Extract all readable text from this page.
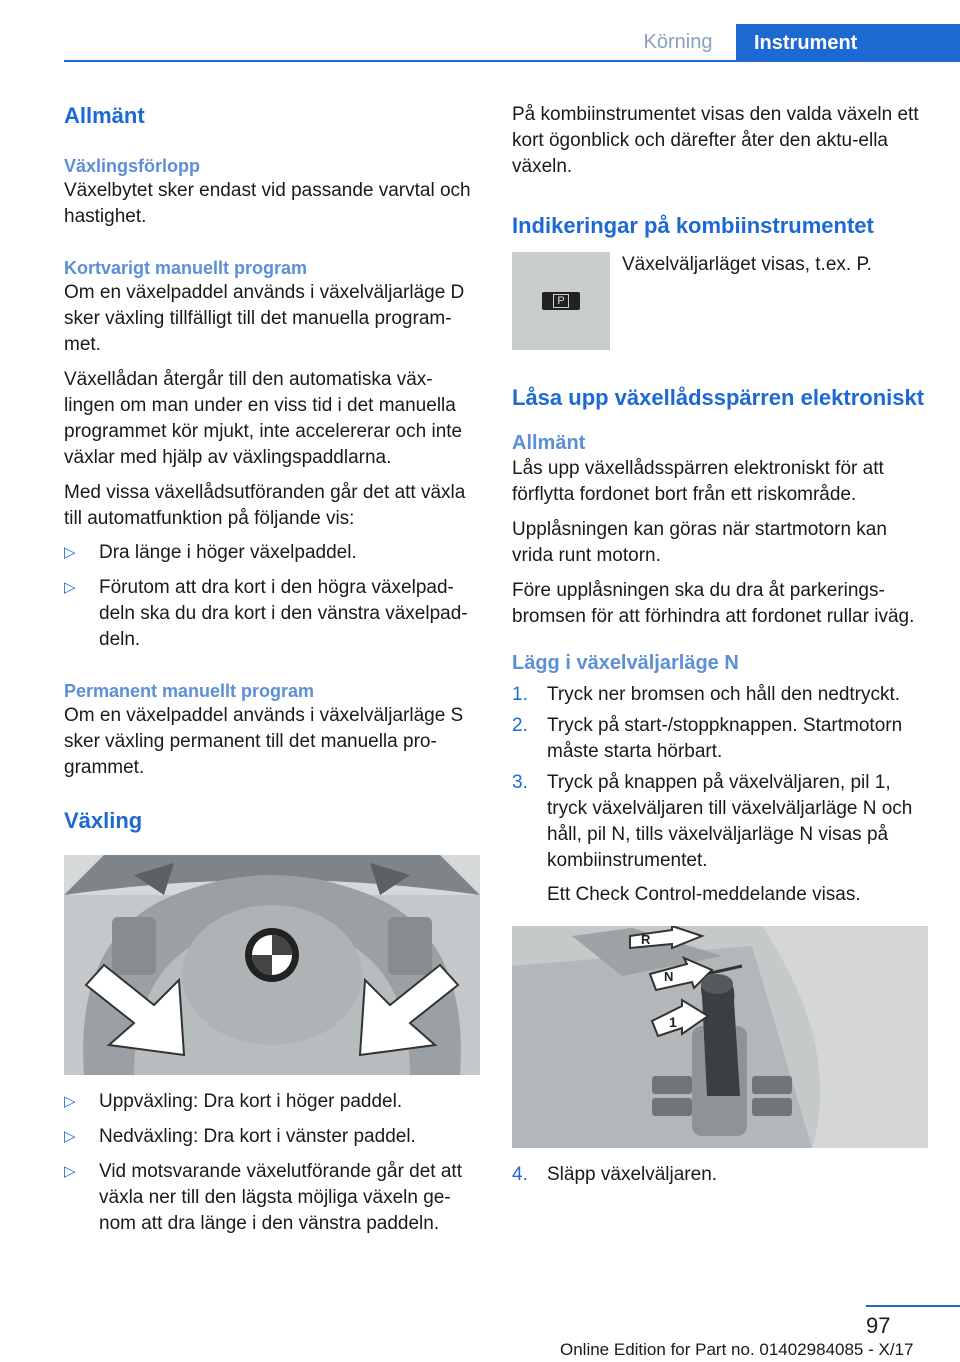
Körning	Instrument
Allmänt
Växlingsförlopp

Växelbytet sker endast vid passande varvtal och hastighet.

Kortvarigt manuellt program

Om en växelpaddel används i växelväljarläge D sker växling tillfälligt till det manuella program-met.

Växellådan återgår till den automatiska väx-lingen om man under en viss tid i det manuella programmet kör mjukt, inte accelererar och inte växlar med hjälp av växlingspaddlarna.

Med vissa växellådsutföranden går det att växla till automatfunktion på följande vis:

▷ Dra länge i höger växelpaddel.
▷ Förutom att dra kort i den högra växelpad-deln ska du dra kort i den vänstra växelpad-deln.
Permanent manuellt program

Om en växelpaddel används i växelväljarläge S sker växling permanent till det manuella pro-grammet.

Växling
▷ Uppväxling: Dra kort i höger paddel.
▷ Nedväxling: Dra kort i vänster paddel.
▷ Vid motsvarande växelutförande går det att växla ner till den lägsta möjliga växeln ge-nom att dra länge i den vänstra paddeln.

På kombiinstrumentet visas den valda växeln ett kort ögonblick och därefter åter den aktu-ella växeln.

Indikeringar på kombiinstrumentet
P

Växelväljarläget visas, t.ex. P.

Låsa upp växellådsspärren elektroniskt
Allmänt

Lås upp växellådsspärren elektroniskt för att förflytta fordonet bort från ett riskområde.

Upplåsningen kan göras när startmotorn kan vrida runt motorn.

Före upplåsningen ska du dra åt parkerings-bromsen för att förhindra att fordonet rullar iväg.

Lägg i växelväljarläge N
1. Tryck ner bromsen och håll den nedtryckt.
2. Tryck på start-/stoppknappen. Startmotorn måste starta hörbart.
3. Tryck på knappen på växelväljaren, pil 1, tryck växelväljaren till växelväljarläge N och håll, pil N, tills växelväljarläge N visas på kombiinstrumentet.

Ett Check Control-meddelande visas.

R
N
1
4. Släpp växelväljaren.
97
Online Edition for Part no. 01402984085 - X/17
